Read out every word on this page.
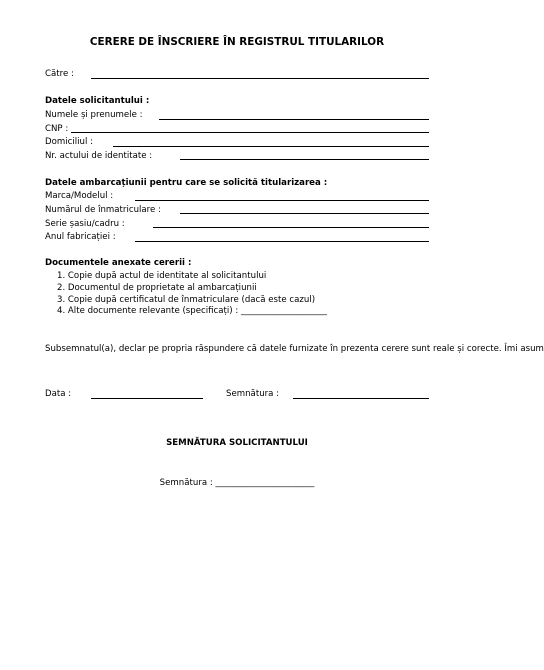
CERERE DE ÎNSCRIERE ÎN REGISTRUL TITULARILOR
Către :
Datele solicitantului :
Numele și prenumele :
CNP :
Domiciliul :
Nr. actului de identitate :
Datele ambarcațiunii pentru care se solicită titularizarea :
Marca/Modelul :
Numărul de înmatriculare :
Serie șasiu/cadru :
Anul fabricației :
Documentele anexate cererii :
1. Copie după actul de identitate al solicitantului
2. Documentul de proprietate al ambarcațiunii
3. Copie după certificatul de înmatriculare (dacă este cazul)
4. Alte documente relevante (specificați) : ____________________
Subsemnatul(a), declar pe propria răspundere că datele furnizate în prezenta cerere sunt reale și corecte. Îmi asum
Data :	Semnătura :
SEMNĂTURA SOLICITANTULUI
Semnătura : _______________________
